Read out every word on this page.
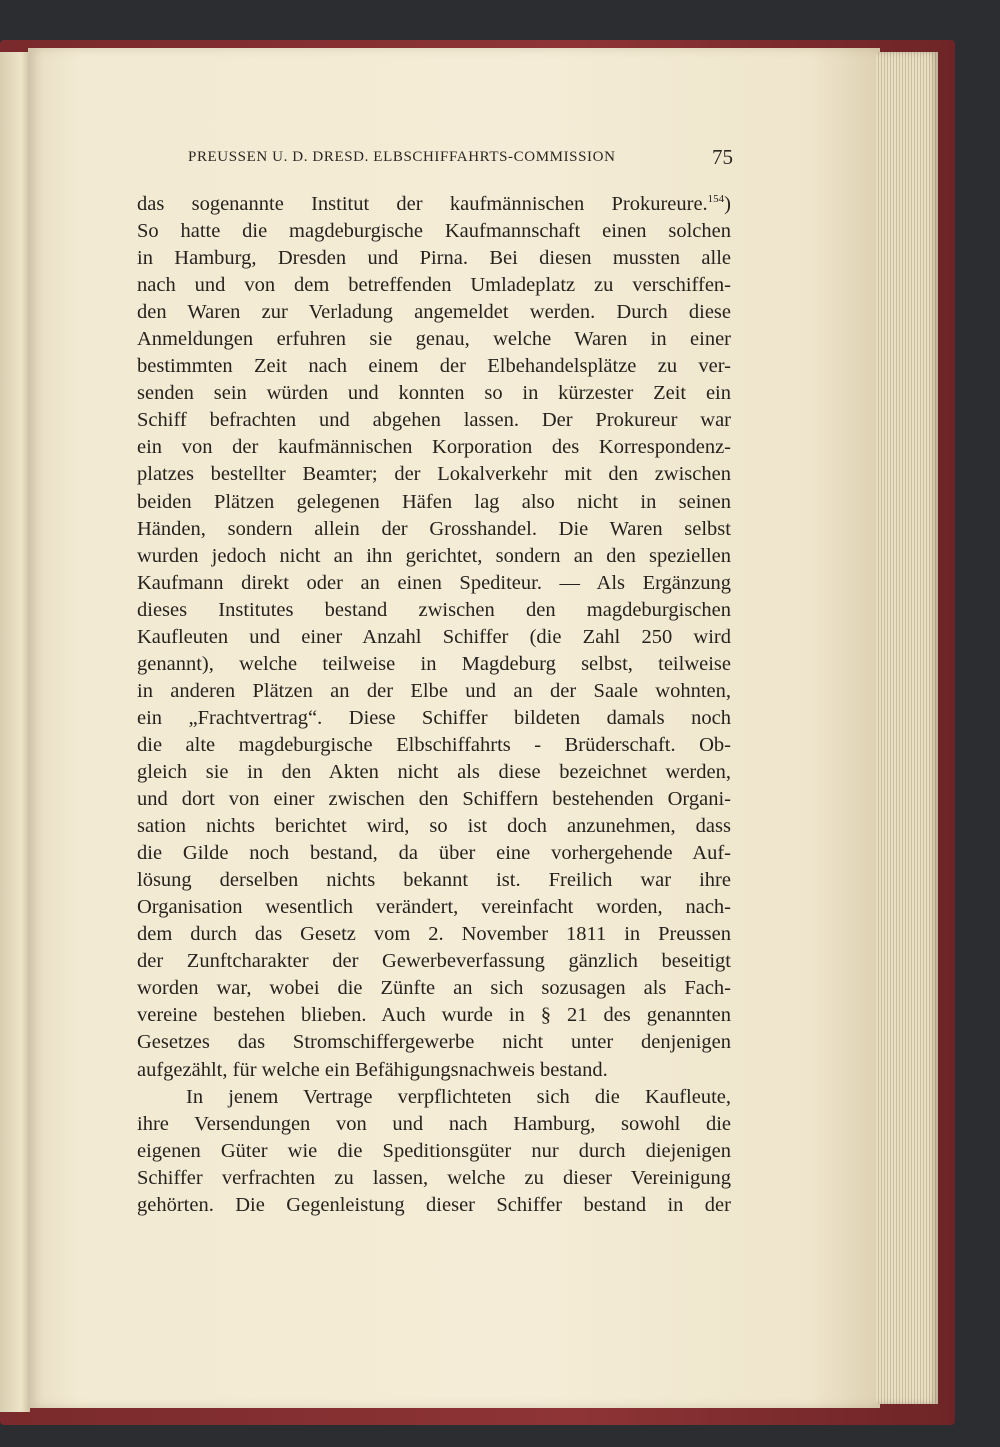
PREUSSEN U. D. DRESD. ELBSCHIFFAHRTS-COMMISSION	75
das sogenannte Institut der kaufmännischen Prokureure.$^{154}$)
So hatte die magdeburgische Kaufmannschaft einen solchen
in Hamburg, Dresden und Pirna. Bei diesen mussten alle
nach und von dem betreffenden Umladeplatz zu verschiffen-
den Waren zur Verladung angemeldet werden. Durch diese
Anmeldungen erfuhren sie genau, welche Waren in einer
bestimmten Zeit nach einem der Elbehandelsplätze zu ver-
senden sein würden und konnten so in kürzester Zeit ein
Schiff befrachten und abgehen lassen. Der Prokureur war
ein von der kaufmännischen Korporation des Korrespondenz-
platzes bestellter Beamter; der Lokalverkehr mit den zwischen
beiden Plätzen gelegenen Häfen lag also nicht in seinen
Händen, sondern allein der Grosshandel. Die Waren selbst
wurden jedoch nicht an ihn gerichtet, sondern an den speziellen
Kaufmann direkt oder an einen Spediteur. — Als Ergänzung
dieses Institutes bestand zwischen den magdeburgischen
Kaufleuten und einer Anzahl Schiffer (die Zahl 250 wird
genannt), welche teilweise in Magdeburg selbst, teilweise
in anderen Plätzen an der Elbe und an der Saale wohnten,
ein „Frachtvertrag“. Diese Schiffer bildeten damals noch
die alte magdeburgische Elbschiffahrts - Brüderschaft. Ob-
gleich sie in den Akten nicht als diese bezeichnet werden,
und dort von einer zwischen den Schiffern bestehenden Organi-
sation nichts berichtet wird, so ist doch anzunehmen, dass
die Gilde noch bestand, da über eine vorhergehende Auf-
lösung derselben nichts bekannt ist. Freilich war ihre
Organisation wesentlich verändert, vereinfacht worden, nach-
dem durch das Gesetz vom 2. November 1811 in Preussen
der Zunftcharakter der Gewerbeverfassung gänzlich beseitigt
worden war, wobei die Zünfte an sich sozusagen als Fach-
vereine bestehen blieben. Auch wurde in § 21 des genannten
Gesetzes das Stromschiffergewerbe nicht unter denjenigen
aufgezählt, für welche ein Befähigungsnachweis bestand.
In jenem Vertrage verpflichteten sich die Kaufleute,
ihre Versendungen von und nach Hamburg, sowohl die
eigenen Güter wie die Speditionsgüter nur durch diejenigen
Schiffer verfrachten zu lassen, welche zu dieser Vereinigung
gehörten. Die Gegenleistung dieser Schiffer bestand in der
